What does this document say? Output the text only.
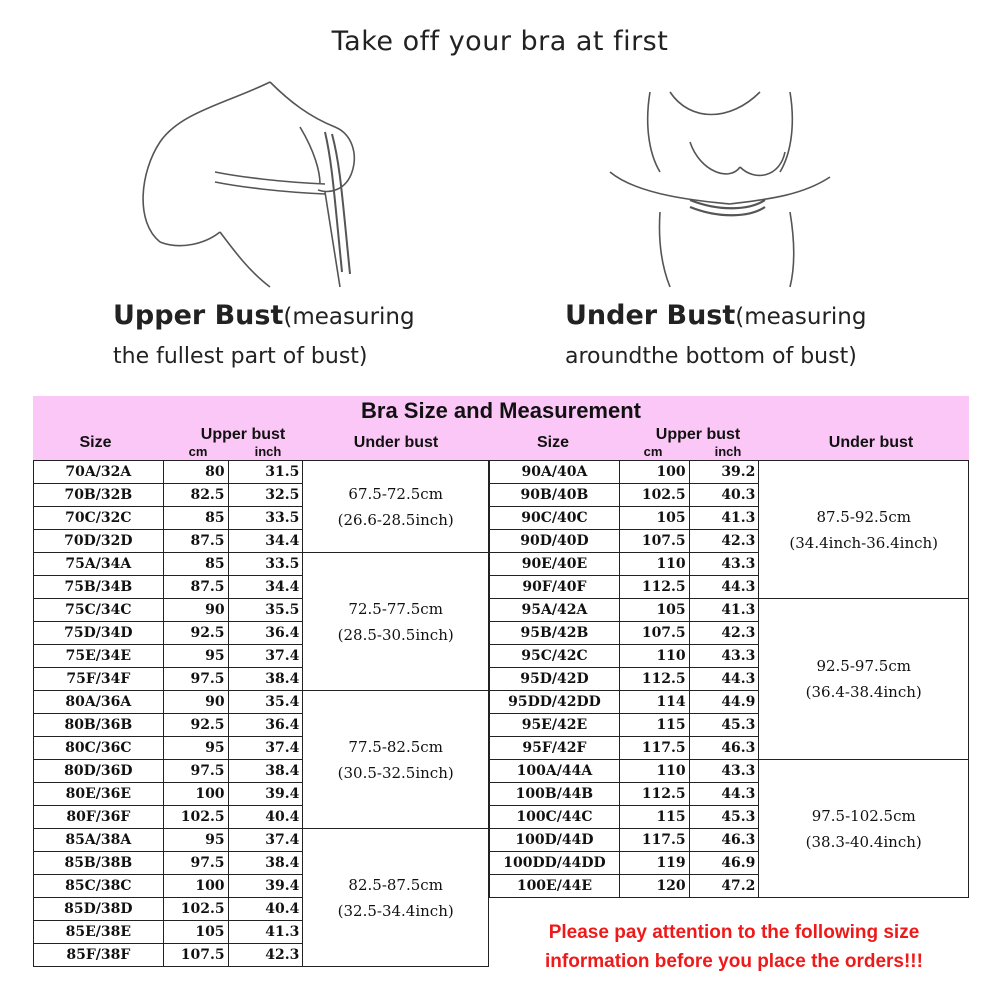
Take off your bra at first
Upper Bust(measuring
the fullest part of bust)
Under Bust(measuring
aroundthe bottom of bust)
Bra Size and Measurement
Size	Upper bust
cm	inch
Under bust	Size	Upper bust
cm	inch
Under bust
70A/32A	80	31.5	67.5-72.5cm
(26.6-28.5inch)

70B/32B	82.5	32.5	
70C/32C	85	33.5	
70D/32D	87.5	34.4	
75A/34A	85	33.5	72.5-77.5cm
(28.5-30.5inch)

75B/34B	87.5	34.4	
75C/34C	90	35.5	
75D/34D	92.5	36.4	
75E/34E	95	37.4	
75F/34F	97.5	38.4	
80A/36A	90	35.4	77.5-82.5cm
(30.5-32.5inch)

80B/36B	92.5	36.4	
80C/36C	95	37.4	
80D/36D	97.5	38.4	
80E/36E	100	39.4	
80F/36F	102.5	40.4	
85A/38A	95	37.4	82.5-87.5cm
(32.5-34.4inch)

85B/38B	97.5	38.4	
85C/38C	100	39.4	
85D/38D	102.5	40.4	
85E/38E	105	41.3	
85F/38F	107.5	42.3	
90A/40A	100	39.2	87.5-92.5cm
(34.4inch-36.4inch)

90B/40B	102.5	40.3	
90C/40C	105	41.3	
90D/40D	107.5	42.3	
90E/40E	110	43.3	
90F/40F	112.5	44.3	
95A/42A	105	41.3	92.5-97.5cm
(36.4-38.4inch)

95B/42B	107.5	42.3	
95C/42C	110	43.3	
95D/42D	112.5	44.3	
95DD/42DD	114	44.9	
95E/42E	115	45.3	
95F/42F	117.5	46.3	
100A/44A	110	43.3	97.5-102.5cm
(38.3-40.4inch)

100B/44B	112.5	44.3	
100C/44C	115	45.3	
100D/44D	117.5	46.3	
100DD/44DD	119	46.9	
100E/44E	120	47.2	
Please pay attention to the following size
information before you place the orders!!!
